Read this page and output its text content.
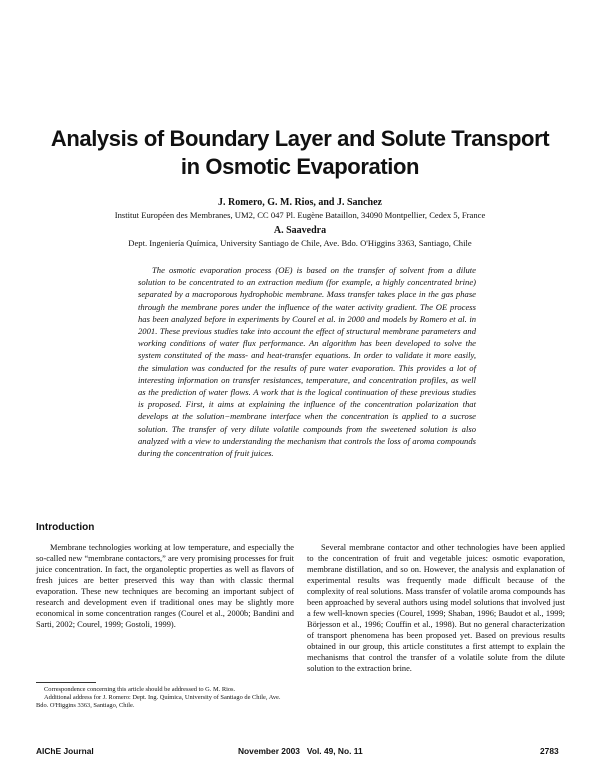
Analysis of Boundary Layer and Solute Transport
in Osmotic Evaporation
J. Romero, G. M. Rios, and J. Sanchez
Institut Européen des Membranes, UM2, CC 047 Pl. Eugène Bataillon, 34090 Montpellier, Cedex 5, France
A. Saavedra
Dept. Ingeniería Química, University Santiago de Chile, Ave. Bdo. O'Higgins 3363, Santiago, Chile

The osmotic evaporation process (OE) is based on the transfer of solvent from a dilute solution to be concentrated to an extraction medium (for example, a highly concentrated brine) separated by a macroporous hydrophobic membrane. Mass transfer takes place in the gas phase through the membrane pores under the influence of the water activity gradient. The OE process has been analyzed before in experiments by Courel et al. in 2000 and models by Romero et al. in 2001. These previous studies take into account the effect of structural membrane parameters and working conditions of water flux performance. An algorithm has been developed to solve the system constituted of the mass- and heat-transfer equations. In order to validate it more easily, the simulation was conducted for the results of pure water evaporation. This provides a lot of interesting information on transfer resistances, temperature, and concentration profiles, as well as the prediction of water flows. A work that is the logical continuation of these previous studies is proposed. First, it aims at explaining the influence of the concentration polarization that develops at the solution−membrane interface when the concentration is applied to a sucrose solution. The transfer of very dilute volatile compounds from the sweetened solution is also analyzed with a view to understanding the mechanism that controls the loss of aroma compounds during the concentration of fruit juices.

Introduction

Membrane technologies working at low temperature, and especially the so-called new “membrane contactors,” are very promising processes for fruit juice concentration. In fact, the organoleptic properties as well as flavors of fresh juices are better preserved this way than with classic thermal evaporation. These new techniques are becoming an important subject of research and development even if traditional ones may be slightly more economical in some concentration ranges (Courel et al., 2000b; Bandini and Sarti, 2002; Courel, 1999; Gostoli, 1999).

Several membrane contactor and other technologies have been applied to the concentration of fruit and vegetable juices: osmotic evaporation, membrane distillation, and so on. However, the analysis and explanation of experimental results was frequently made difficult because of the complexity of real solutions. Mass transfer of volatile aroma compounds has been approached by several authors using model solutions that involved just a few well-known species (Courel, 1999; Shaban, 1996; Baudot et al., 1999; Börjesson et al., 1996; Couffin et al., 1998). But no general characterization of transport phenomena has been proposed yet. Based on previous results obtained in our group, this article constitutes a first attempt to explain the mechanisms that control the transfer of a volatile solute from the dilute solution to the extraction brine.

Correspondence concerning this article should be addressed to G. M. Rios.
Additional address for J. Romero: Dept. Ing. Química, University of Santiago de Chile, Ave. Bdo. O'Higgins 3363, Santiago, Chile.
AIChE Journal	November 2003   Vol. 49, No. 11	2783
